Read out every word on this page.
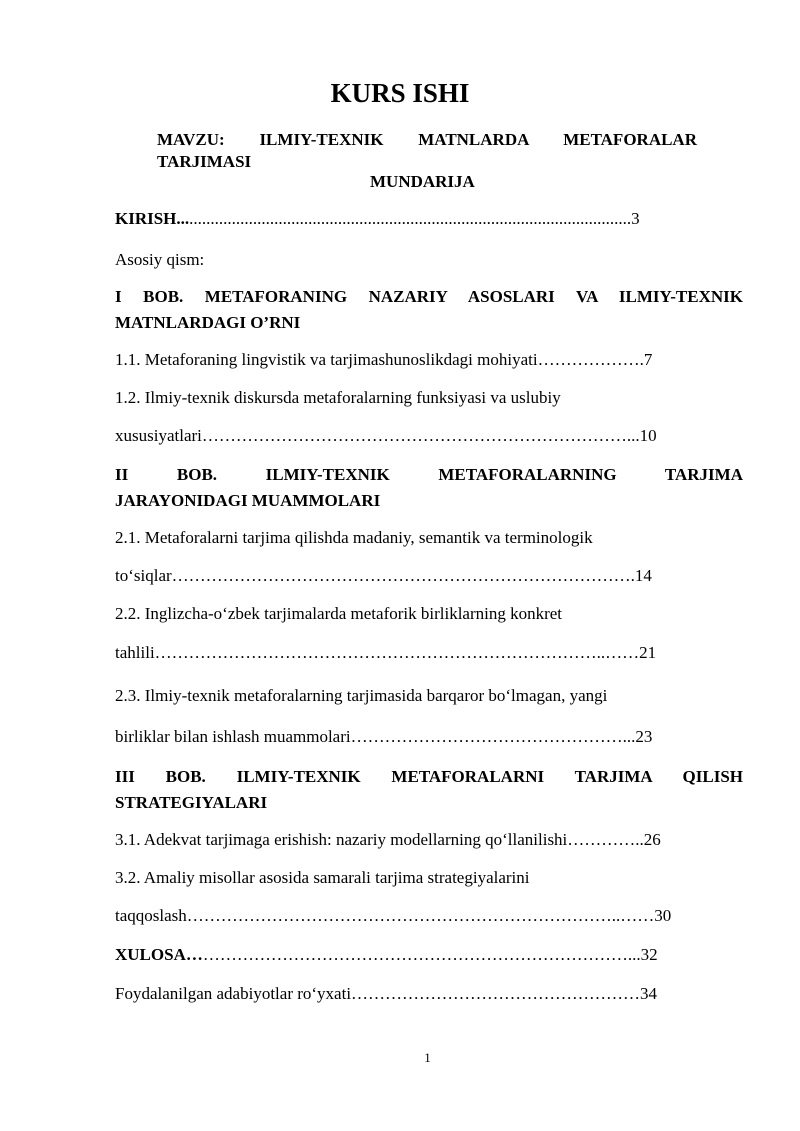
KURS ISHI
MAVZU: ILMIY-TEXNIK MATNLARDA METAFORALAR
TARJIMASI
MUNDARIJA
KIRISH...........................................................................................................3
Asosiy qism:
I BOB. METAFORANING NAZARIY ASOSLARI VA ILMIY-TEXNIK
MATNLARDAGI O’RNI
1.1. Metaforaning lingvistik va tarjimashunoslikdagi mohiyati……………….7
1.2. Ilmiy-texnik diskursda metaforalarning funksiyasi va uslubiy
xususiyatlari…………………………………………………………………...10
II BOB. ILMIY-TEXNIK METAFORALARNING TARJIMA
JARAYONIDAGI MUAMMOLARI
2.1. Metaforalarni tarjima qilishda madaniy, semantik va terminologik
to‘siqlar……………………………………………………………………….14
2.2. Inglizcha-o‘zbek tarjimalarda metaforik birliklarning konkret
tahlili……………………………………………………………………..……21
2.3. Ilmiy-texnik metaforalarning tarjimasida barqaror bo‘lmagan, yangi
birliklar bilan ishlash muammolari…………………………………………...23
III BOB. ILMIY-TEXNIK METAFORALARNI TARJIMA QILISH
STRATEGIYALARI
3.1. Adekvat tarjimaga erishish: nazariy modellarning qo‘llanilishi…………..26
3.2. Amaliy misollar asosida samarali tarjima strategiyalarini
taqqoslash…………………………………………………………………..……30
XULOSA……………………………………………………………………...32
Foydalanilgan adabiyotlar ro‘yxati……………………………………………34
1
